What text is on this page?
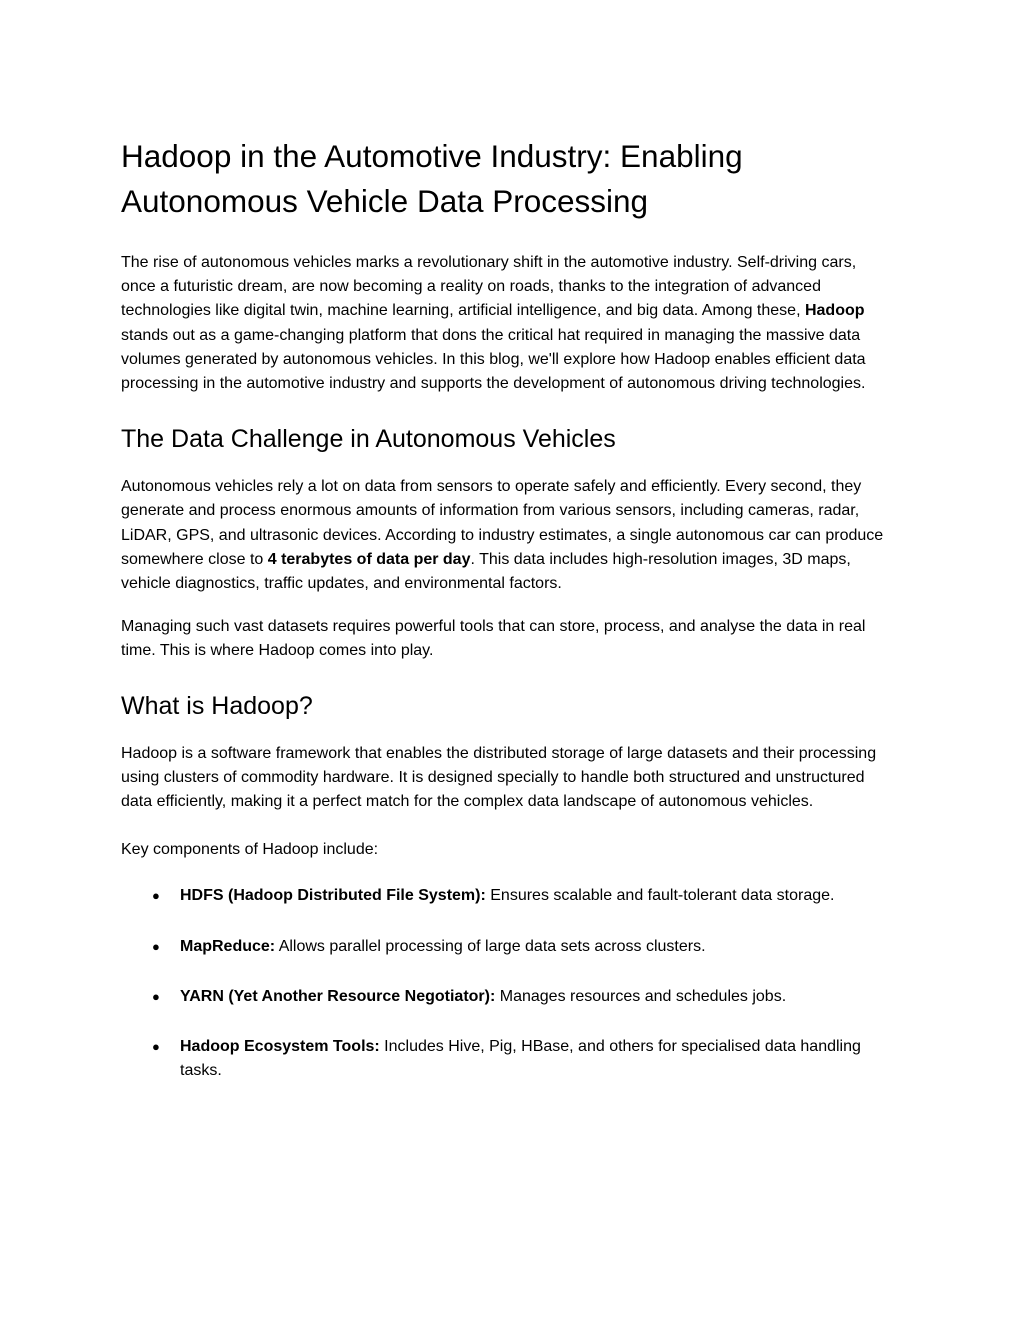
Hadoop in the Automotive Industry: Enabling Autonomous Vehicle Data Processing

The rise of autonomous vehicles marks a revolutionary shift in the automotive industry. Self-driving cars, once a futuristic dream, are now becoming a reality on roads, thanks to the integration of advanced technologies like digital twin, machine learning, artificial intelligence, and big data. Among these, Hadoop stands out as a game-changing platform that dons the critical hat required in managing the massive data volumes generated by autonomous vehicles. In this blog, we'll explore how Hadoop enables efficient data processing in the automotive industry and supports the development of autonomous driving technologies.

The Data Challenge in Autonomous Vehicles

Autonomous vehicles rely a lot on data from sensors to operate safely and efficiently. Every second, they generate and process enormous amounts of information from various sensors, including cameras, radar, LiDAR, GPS, and ultrasonic devices. According to industry estimates, a single autonomous car can produce somewhere close to 4 terabytes of data per day. This data includes high-resolution images, 3D maps, vehicle diagnostics, traffic updates, and environmental factors.

Managing such vast datasets requires powerful tools that can store, process, and analyse the data in real time. This is where Hadoop comes into play.

What is Hadoop?

Hadoop is a software framework that enables the distributed storage of large datasets and their processing using clusters of commodity hardware. It is designed specially to handle both structured and unstructured data efficiently, making it a perfect match for the complex data landscape of autonomous vehicles.

Key components of Hadoop include:

● HDFS (Hadoop Distributed File System): Ensures scalable and fault-tolerant data storage.
● MapReduce: Allows parallel processing of large data sets across clusters.
● YARN (Yet Another Resource Negotiator): Manages resources and schedules jobs.
● Hadoop Ecosystem Tools: Includes Hive, Pig, HBase, and others for specialised data handling tasks.
